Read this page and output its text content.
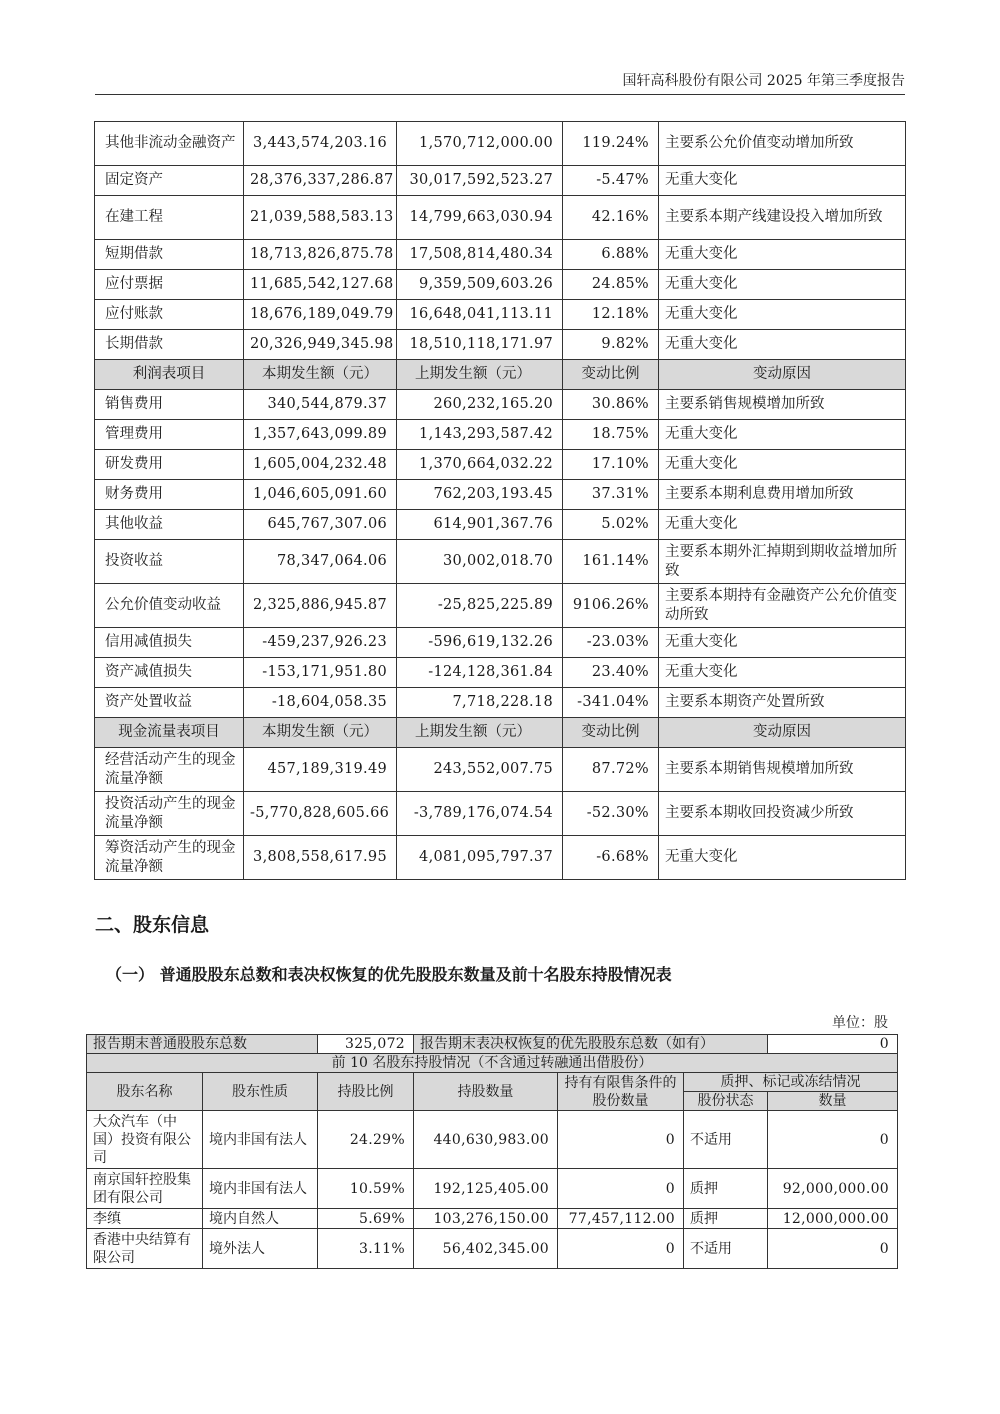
国轩高科股份有限公司 2025 年第三季度报告
其他非流动金融资产	3,443,574,203.16	1,570,712,000.00	119.24%	主要系公允价值变动增加所致
固定资产	28,376,337,286.87	30,017,592,523.27	-5.47%	无重大变化
在建工程	21,039,588,583.13	14,799,663,030.94	42.16%	主要系本期产线建设投入增加所致
短期借款	18,713,826,875.78	17,508,814,480.34	6.88%	无重大变化
应付票据	11,685,542,127.68	9,359,509,603.26	24.85%	无重大变化
应付账款	18,676,189,049.79	16,648,041,113.11	12.18%	无重大变化
长期借款	20,326,949,345.98	18,510,118,171.97	9.82%	无重大变化
利润表项目	本期发生额（元）	上期发生额（元）	变动比例	变动原因
销售费用	340,544,879.37	260,232,165.20	30.86%	主要系销售规模增加所致
管理费用	1,357,643,099.89	1,143,293,587.42	18.75%	无重大变化
研发费用	1,605,004,232.48	1,370,664,032.22	17.10%	无重大变化
财务费用	1,046,605,091.60	762,203,193.45	37.31%	主要系本期利息费用增加所致
其他收益	645,767,307.06	614,901,367.76	5.02%	无重大变化
投资收益	78,347,064.06	30,002,018.70	161.14%	主要系本期外汇掉期到期收益增加所致
公允价值变动收益	2,325,886,945.87	-25,825,225.89	9106.26%	主要系本期持有金融资产公允价值变动所致
信用减值损失	-459,237,926.23	-596,619,132.26	-23.03%	无重大变化
资产减值损失	-153,171,951.80	-124,128,361.84	23.40%	无重大变化
资产处置收益	-18,604,058.35	7,718,228.18	-341.04%	主要系本期资产处置所致
现金流量表项目	本期发生额（元）	上期发生额（元）	变动比例	变动原因
经营活动产生的现金流量净额	457,189,319.49	243,552,007.75	87.72%	主要系本期销售规模增加所致
投资活动产生的现金流量净额	-5,770,828,605.66	-3,789,176,074.54	-52.30%	主要系本期收回投资减少所致
筹资活动产生的现金流量净额	3,808,558,617.95	4,081,095,797.37	-6.68%	无重大变化
二、股东信息
（一） 普通股股东总数和表决权恢复的优先股股东数量及前十名股东持股情况表
单位：股
报告期末普通股股东总数		325,072	报告期末表决权恢复的优先股股东总数（如有）			0
前 10 名股东持股情况（不含通过转融通出借股份）						
股东名称	股东性质	持股比例	持股数量	持有有限售条件的股份数量	质押、标记或冻结情况	
					股份状态	数量
大众汽车（中国）投资有限公司	境内非国有法人	24.29%	440,630,983.00	0	不适用	0
南京国轩控股集团有限公司	境内非国有法人	10.59%	192,125,405.00	0	质押	92,000,000.00
李缜	境内自然人	5.69%	103,276,150.00	77,457,112.00	质押	12,000,000.00
香港中央结算有限公司	境外法人	3.11%	56,402,345.00	0	不适用	0
